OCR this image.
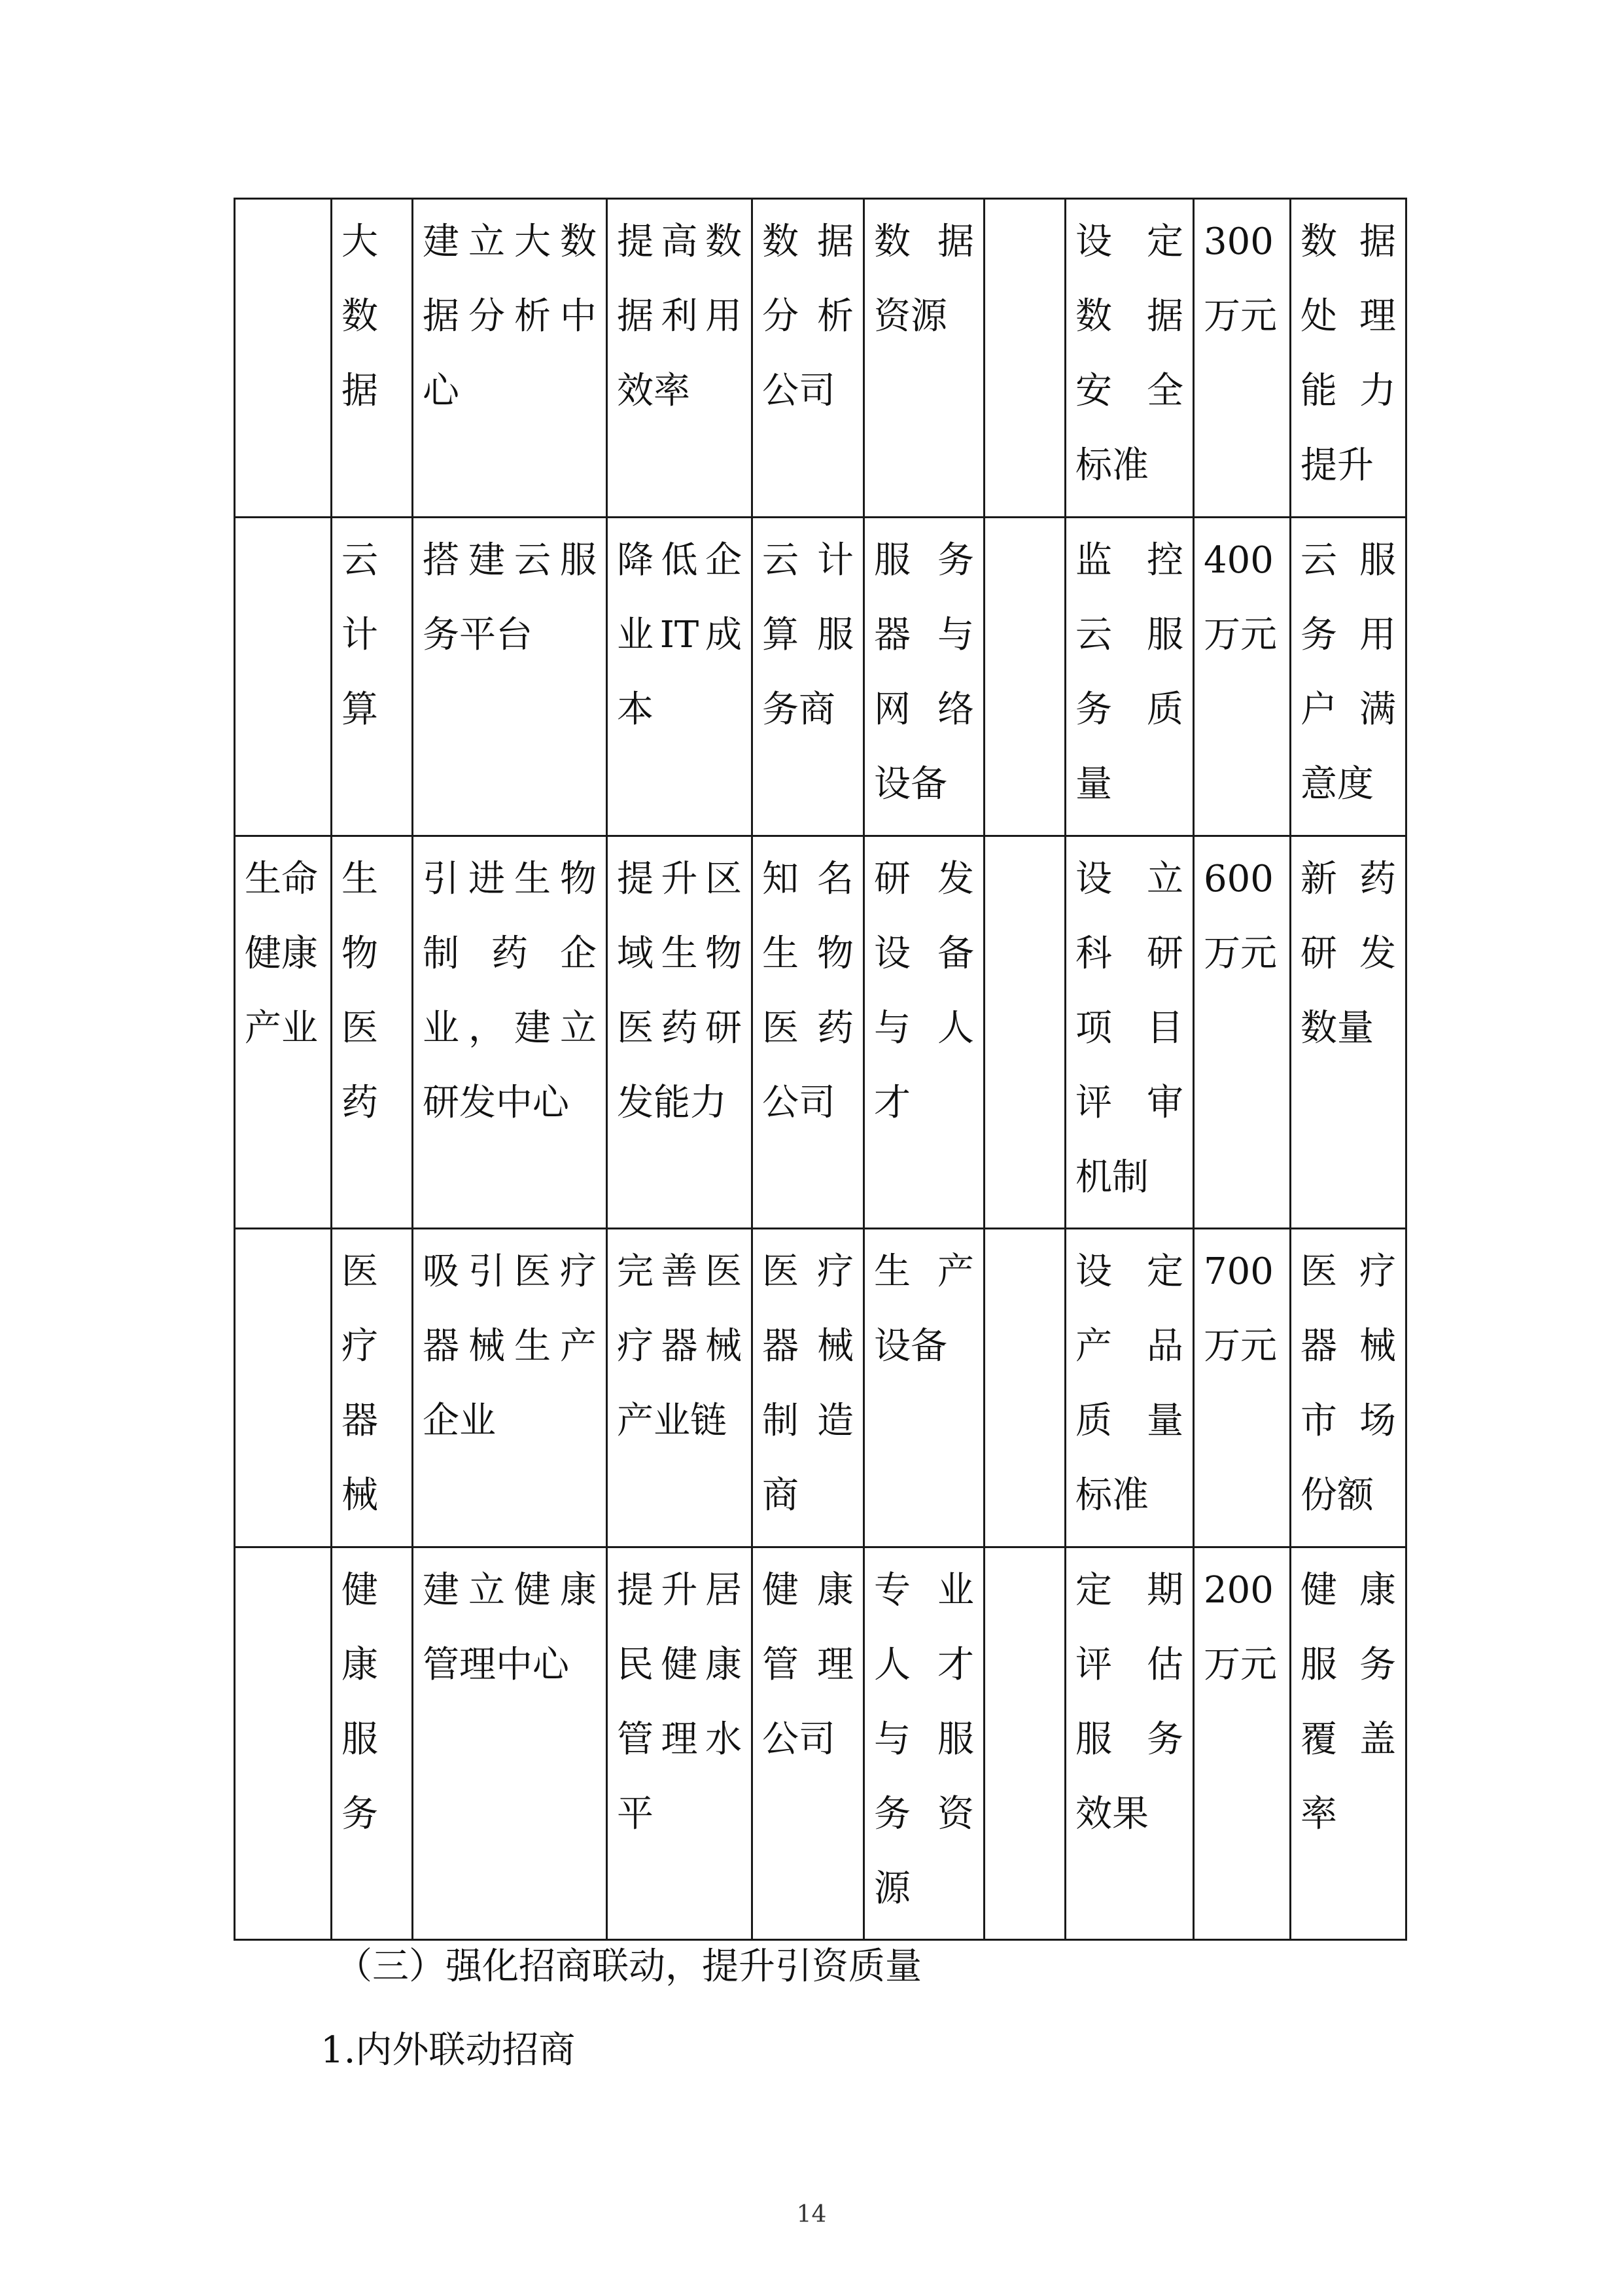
	大数据	建立大数据分析中心	提高数据利用效率	数据分析公司	数据资源		设定数据安全标准	300万元	数据处理能力提升
	云计算	搭建云服务平台	降低企业IT成本	云计算服务商	服务器与网络设备		监控云服务质量	400万元	云服务用户满意度
生命健康产业	生物医药	引进生物制药企业，建立研发中心	提升区域生物医药研发能力	知名生物医药公司	研发设备与人才		设立科研项目评审机制	600万元	新药研发数量
	医疗器械	吸引医疗器械生产企业	完善医疗器械产业链	医疗器械制造商	生产设备		设定产品质量标准	700万元	医疗器械市场份额
	健康服务	建立健康管理中心	提升居民健康管理水平	健康管理公司	专业人才与服务资源		定期评估服务效果	200万元	健康服务覆盖率
（三）强化招商联动，提升引资质量
1.内外联动招商
14
